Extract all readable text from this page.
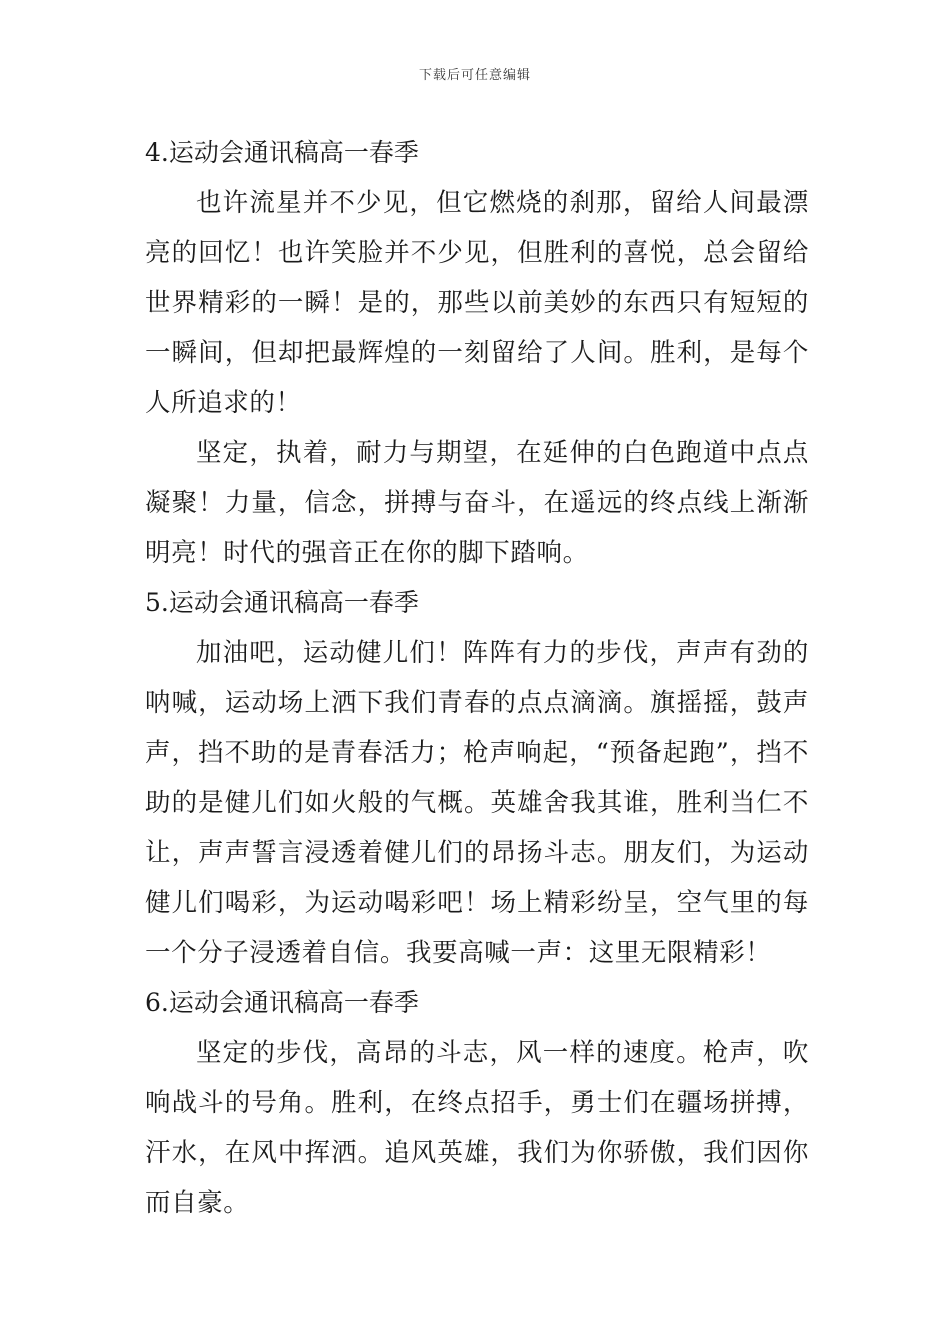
下载后可任意编辑
4.运动会通讯稿高一春季

也许流星并不少见，但它燃烧的刹那，留给人间最漂亮的回忆！也许笑脸并不少见，但胜利的喜悦，总会留给世界精彩的一瞬！是的，那些以前美妙的东西只有短短的一瞬间，但却把最辉煌的一刻留给了人间。胜利，是每个人所追求的！

坚定，执着，耐力与期望，在延伸的白色跑道中点点凝聚！力量，信念，拼搏与奋斗，在遥远的终点线上渐渐明亮！时代的强音正在你的脚下踏响。

5.运动会通讯稿高一春季

加油吧，运动健儿们！阵阵有力的步伐，声声有劲的呐喊，运动场上洒下我们青春的点点滴滴。旗摇摇，鼓声声，挡不助的是青春活力；枪声响起，“预备起跑”，挡不助的是健儿们如火般的气概。英雄舍我其谁，胜利当仁不让，声声誓言浸透着健儿们的昂扬斗志。朋友们，为运动健儿们喝彩，为运动喝彩吧！场上精彩纷呈，空气里的每一个分子浸透着自信。我要高喊一声：这里无限精彩！

6.运动会通讯稿高一春季

坚定的步伐，高昂的斗志，风一样的速度。枪声，吹响战斗的号角。胜利，在终点招手，勇士们在疆场拼搏，汗水，在风中挥洒。追风英雄，我们为你骄傲，我们因你而自豪。
